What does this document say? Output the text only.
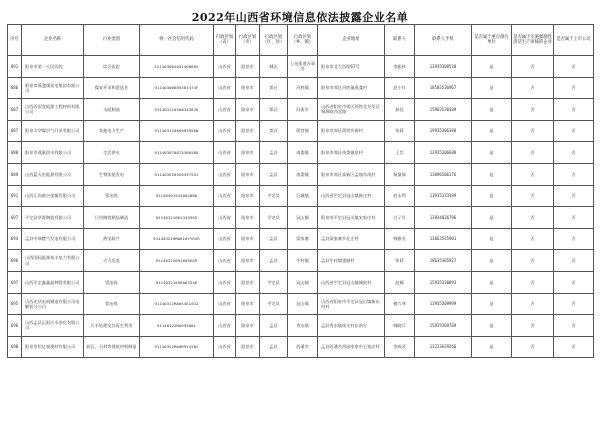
2022年山西省环境信息依法披露企业名单
序号	企业名称	行业类别	统一社会信用代码	行政区划（省）	行政区划（市）	行政区划（区、县）	行政区划（乡、镇）	企业地址	联系人	联系人手机	是否属于重点排污单位	是否属于实施强制性清洁生产审核的企业	是否属于上市公司
891	阳泉市第一人民医院	综合医院	12140300405140868S	山西省	阳泉市	城区	上站街道办事处	阳泉市北大西街67号	李振林	13935308538	是	否	否
686	阳泉市燕龛煤炭电集团有限公司	煤炭开采和洗选业	91140300685587474F	山西省	阳泉市	郊区	河底镇	阳泉市郊区河底镇燕龛村	赵小红	18503536967	是	否	否
687	山西西国龙能源工程材料有限公司	水泥制造	91140311056834387K	山西省	阳泉市	郊区	旧街乡	山西省阳泉市郊区西铁北开发区聚源路西北路	郝佳	15903538389	是	否	否
687	阳泉力华煤层气开采有限公司	其他电力生产	91140311080993956W	山西省	阳泉市	郊区	荫营镇	阳泉市郊区荫营乡新村	张莉	19935306388	是	否	否
688	阳泉市燕巢供水有限公司	生活供水	91140307087536658U	山西省	阳泉市	盂县	南娄镇	阳泉市郊区南娄镇泉村	王岱	13935306688	是	否	否
689	山西蓝天宏能源有限公司	生物质能发电	91140322092033759J	山西省	阳泉市	盂县	南娄镇	阳泉市郊区高新区盂镇东南村	杨童瑞	13096506176	是	否	否
691	山西汇尚新兴金属有限公司	镁冶炼	91140501543084086	山西省	阳泉市	平定县	巨城镇	山西省平定县冠山镇新庄村	赵永利	13935373189	是	否	否
697	平定县华粤陶瓷有限公司	日用陶瓷制品制造	91140321061349303	山西省	阳泉市	平定县	冠山镇	阳泉市平定县冠山镇宋家庄村	白子丹	13834036796	是	否	否
694	盂县中瑞燃气发电有限公司	热电联产	914403229MA0L6YYR2R	山西省	阳泉市	盂县	梁家寨	盂县梁家寨乡北庄村	韩雅芳	13663535901	是	否	否
696	山西国际能源裕丰电力有限公司	火力发电	91140322691609289	山西省	阳泉市	盂县	牛村镇	盂县牛村镇建城村	张莉	18635305927	是	否	否
697	山西平定鑫鑫晶种镁有限公司	镁冶炼	91140321056063346	山西省	阳泉市	平定县	冠山镇	山西省平定县冠山镇城窑村	赵耀	15935330893	是	否	否
695	山西光伏电机制造有限公司电解铝分公司	铝冶炼	91140311MA0S4EL03J	山西省	阳泉市	平定县	冠山镇	山西省阳泉市平定县冠山镇新东村村	褚九琴	13935309999	是	否	否
696	山西孟县正阳污水净化有限公司	污水处理及其再生利用	91140322MA09308L	山西省	阳泉市	盂县	秀水镇	盂县秀水镇南关村东南方	韩晓兵	15935309769	是	否	否
698	阳泉市恒亿泰建材有限公司	砖瓦、石材等建筑材料制造	91140322MA0K9Y4Y8C	山西省	阳泉市	盂县	西潘乡	盂县西潘乡西园家家中王家庄村	李成武	13223639266	是	否	否
